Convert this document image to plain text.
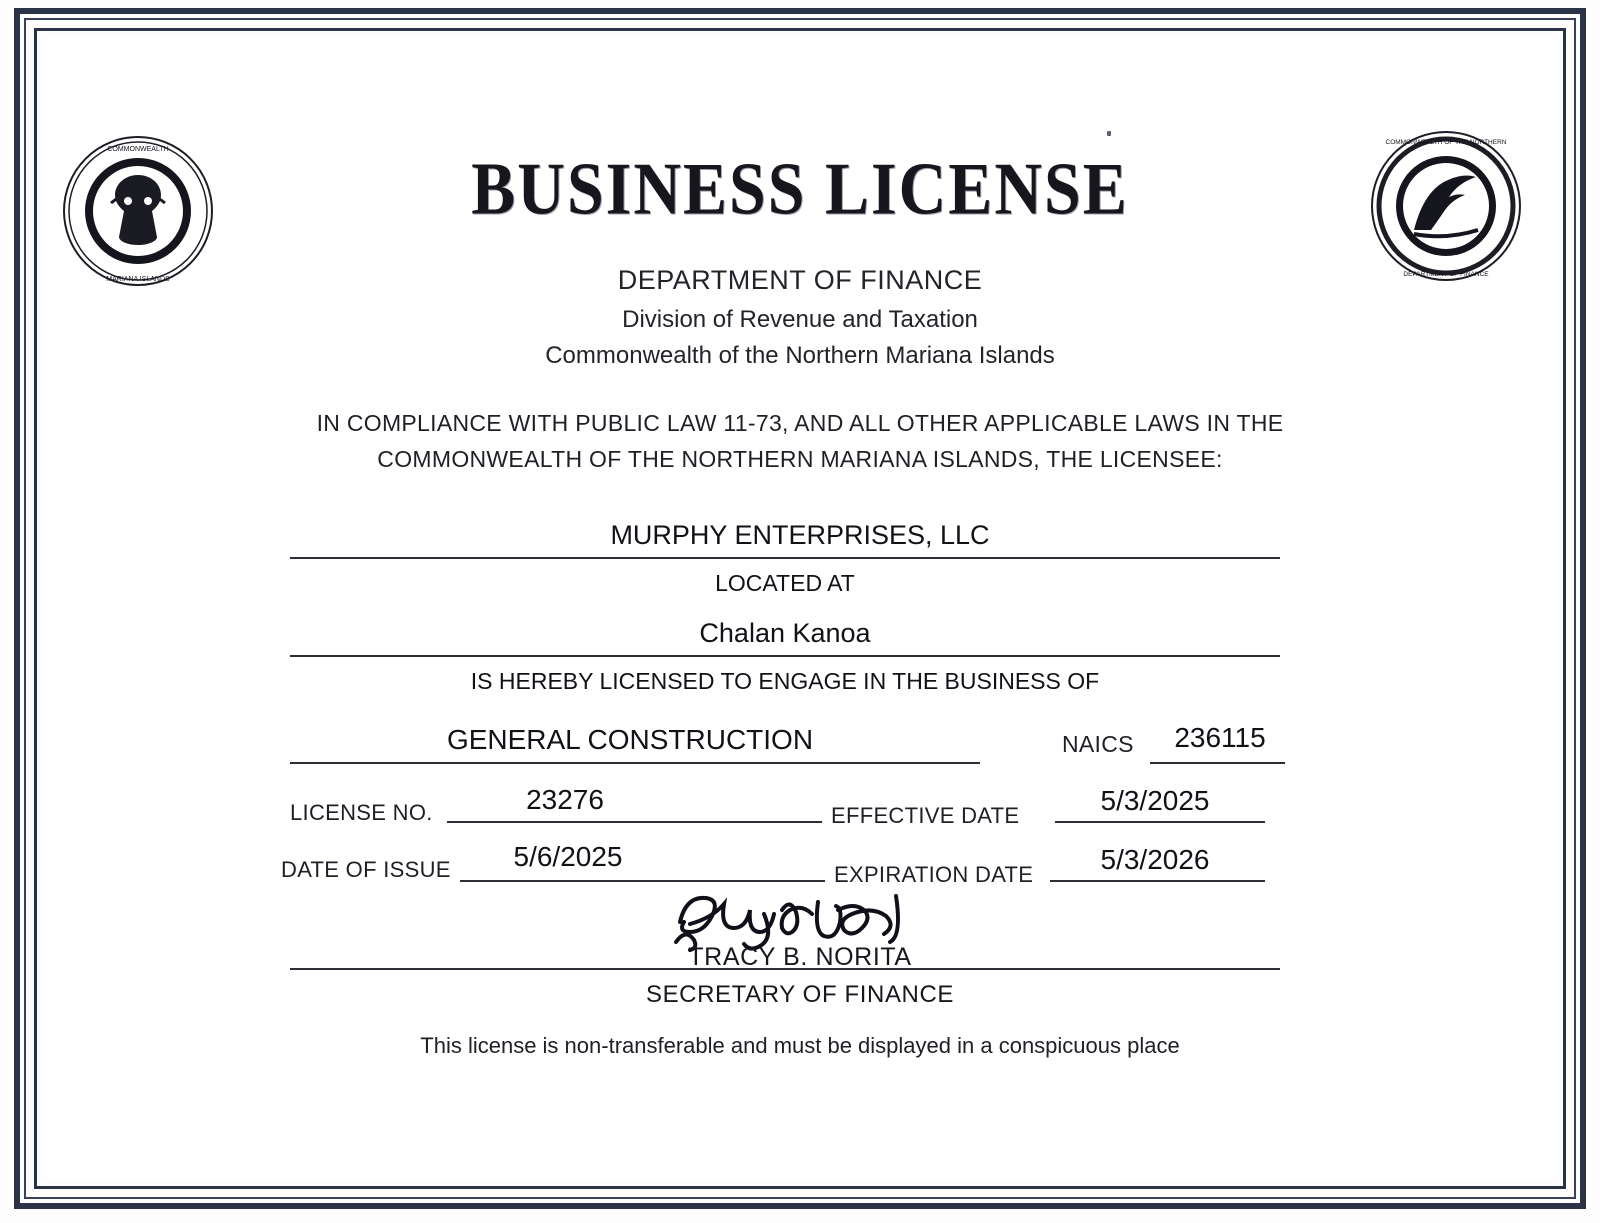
COMMONWEALTH
MARIANA ISLANDS
COMMONWEALTH OF THE NORTHERN
DEPARTMENT OF FINANCE
BUSINESS LICENSE
DEPARTMENT OF FINANCE
Division of Revenue and Taxation
Commonwealth of the Northern Mariana Islands
IN COMPLIANCE WITH PUBLIC LAW 11-73, AND ALL OTHER APPLICABLE LAWS IN THE
COMMONWEALTH OF THE NORTHERN MARIANA ISLANDS, THE LICENSEE:
MURPHY ENTERPRISES, LLC
LOCATED AT
Chalan Kanoa
IS HEREBY LICENSED TO ENGAGE IN THE BUSINESS OF
GENERAL CONSTRUCTION	NAICS	236115
LICENSE NO.	23276
EFFECTIVE DATE	5/3/2025
DATE OF ISSUE	5/6/2025
EXPIRATION DATE	5/3/2026
TRACY B. NORITA
SECRETARY OF FINANCE
This license is non-transferable and must be displayed in a conspicuous place
